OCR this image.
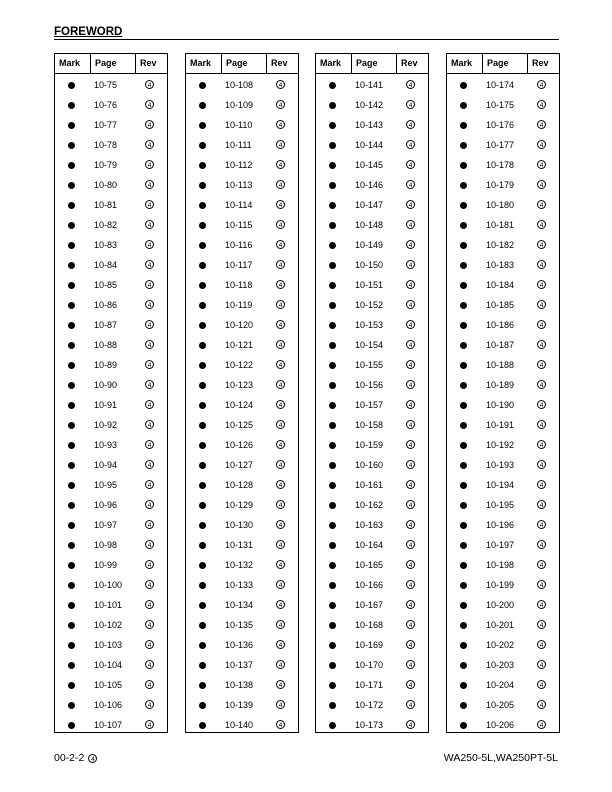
FOREWORD
Mark	Page	Rev
10-75	4
10-76	4
10-77	4
10-78	4
10-79	4
10-80	4
10-81	4
10-82	4
10-83	4
10-84	4
10-85	4
10-86	4
10-87	4
10-88	4
10-89	4
10-90	4
10-91	4
10-92	4
10-93	4
10-94	4
10-95	4
10-96	4
10-97	4
10-98	4
10-99	4
10-100	4
10-101	4
10-102	4
10-103	4
10-104	4
10-105	4
10-106	4
10-107	4
Mark	Page	Rev
10-108	4
10-109	4
10-110	4
10-111	4
10-112	4
10-113	4
10-114	4
10-115	4
10-116	4
10-117	4
10-118	4
10-119	4
10-120	4
10-121	4
10-122	4
10-123	4
10-124	4
10-125	4
10-126	4
10-127	4
10-128	4
10-129	4
10-130	4
10-131	4
10-132	4
10-133	4
10-134	4
10-135	4
10-136	4
10-137	4
10-138	4
10-139	4
10-140	4
Mark	Page	Rev
10-141	4
10-142	4
10-143	4
10-144	4
10-145	4
10-146	4
10-147	4
10-148	4
10-149	4
10-150	4
10-151	4
10-152	4
10-153	4
10-154	4
10-155	4
10-156	4
10-157	4
10-158	4
10-159	4
10-160	4
10-161	4
10-162	4
10-163	4
10-164	4
10-165	4
10-166	4
10-167	4
10-168	4
10-169	4
10-170	4
10-171	4
10-172	4
10-173	4
Mark	Page	Rev
10-174	4
10-175	4
10-176	4
10-177	4
10-178	4
10-179	4
10-180	4
10-181	4
10-182	4
10-183	4
10-184	4
10-185	4
10-186	4
10-187	4
10-188	4
10-189	4
10-190	4
10-191	4
10-192	4
10-193	4
10-194	4
10-195	4
10-196	4
10-197	4
10-198	4
10-199	4
10-200	4
10-201	4
10-202	4
10-203	4
10-204	4
10-205	4
10-206	4
00-2-2	4	WA250-5L,WA250PT-5L
